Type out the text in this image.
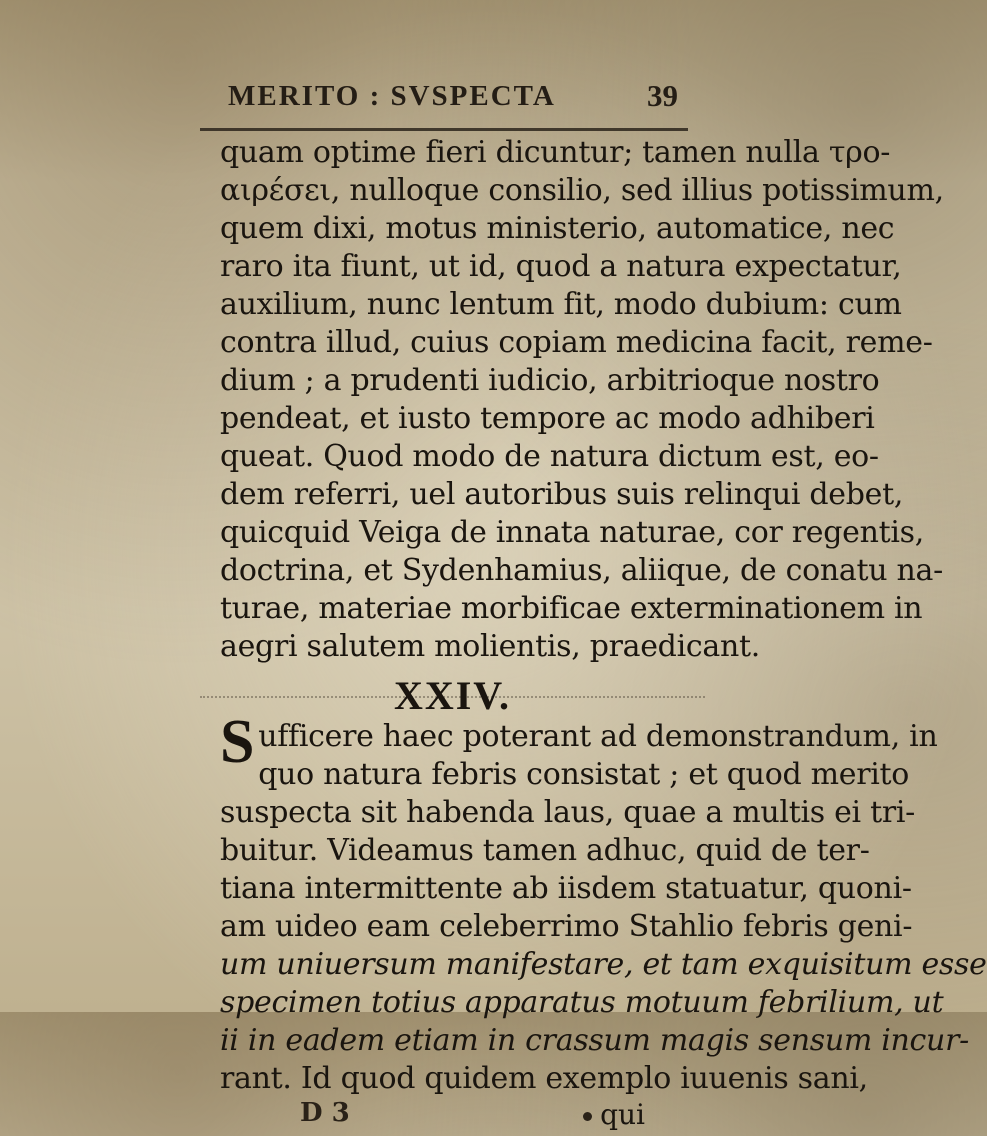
MERITO : SVSPECTA	39
quam optime fieri dicuntur; tamen nulla τρο-
αιρέσει, nulloque consilio, sed illius potissimum,
quem dixi, motus ministerio, automatice, nec
raro ita fiunt, ut id, quod a natura expectatur,
auxilium, nunc lentum fit, modo dubium: cum
contra illud, cuius copiam medicina facit, reme-
dium ; a prudenti iudicio, arbitrioque nostro
pendeat, et iusto tempore ac modo adhiberi
queat. Quod modo de natura dictum est, eo-
dem referri, uel autoribus suis relinqui debet,
quicquid Veiga de innata naturae, cor regentis,
doctrina, et Sydenhamius, aliique, de conatu na-
turae, materiae morbificae exterminationem in
aegri salutem molientis, praedicant.
XXIV.
Sufficere haec poterant ad demonstrandum, in
quo natura febris consistat ; et quod merito
suspecta sit habenda laus, quae a multis ei tri-
buitur. Videamus tamen adhuc, quid de ter-
tiana intermittente ab iisdem statuatur, quoni-
am uideo eam celeberrimo Stahlio febris geni-
um uniuersum manifestare, et tam exquisitum esse
specimen totius apparatus motuum febrilium, ut
ii in eadem etiam in crassum magis sensum incur-
rant. Id quod quidem exemplo iuuenis sani,
D 3	qui
